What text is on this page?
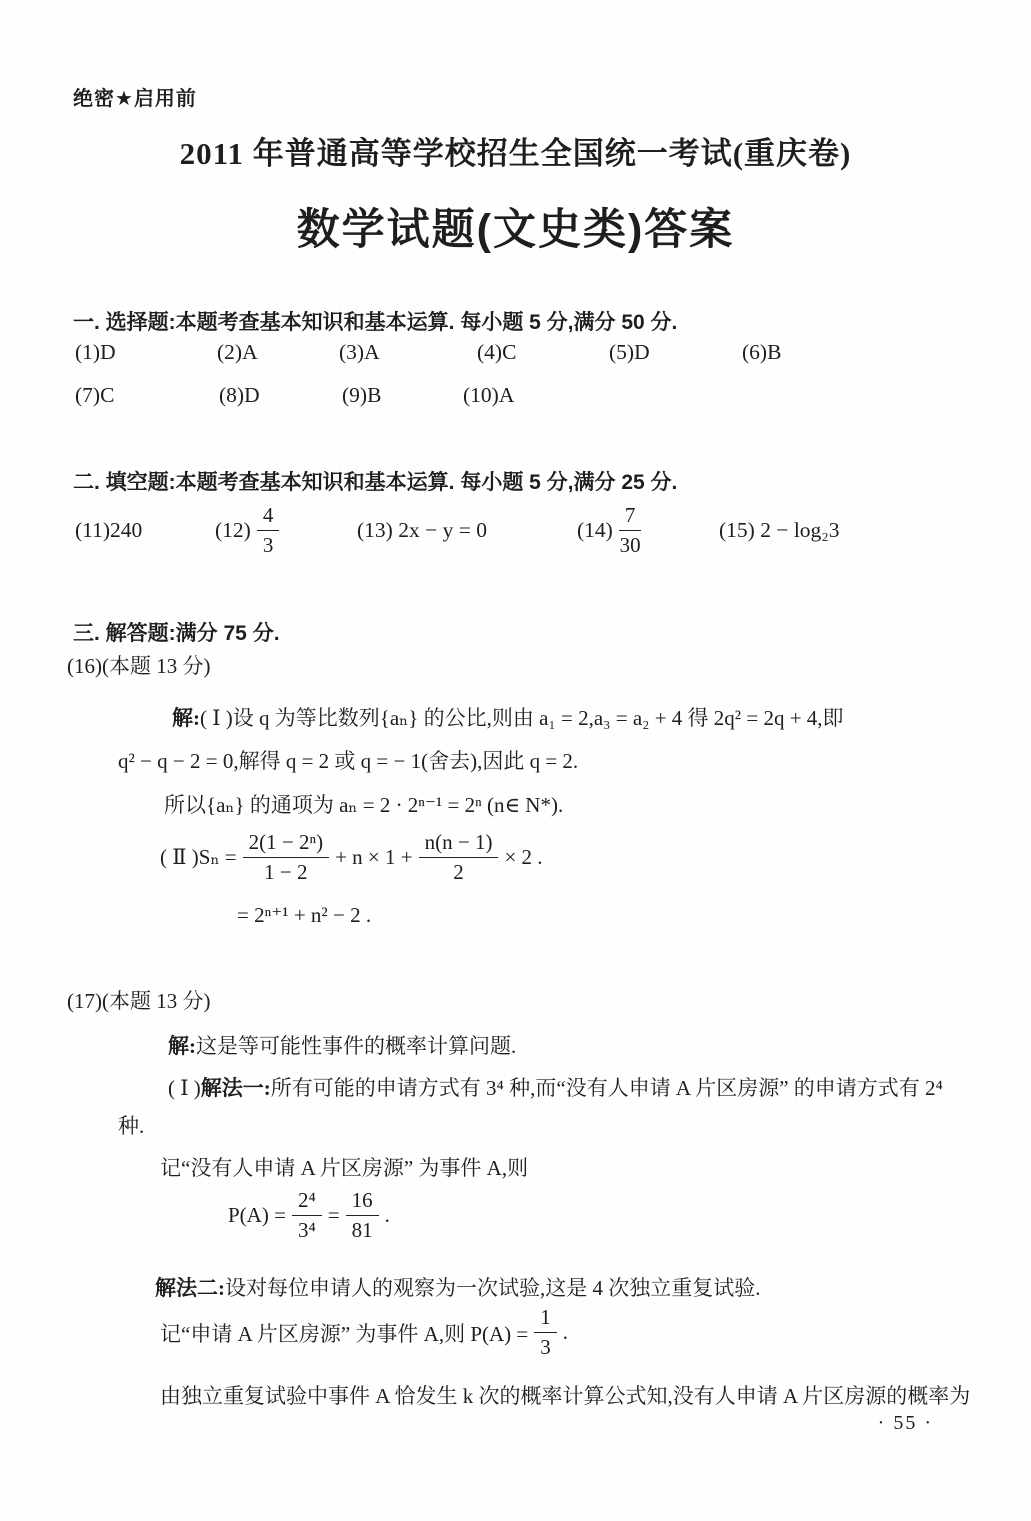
绝密★启用前
2011 年普通高等学校招生全国统一考试(重庆卷)
数学试题(文史类)答案
一. 选择题:本题考查基本知识和基本运算. 每小题 5 分,满分 50 分.
(1)D	(2)A	(3)A	(4)C	(5)D	(6)B
(7)C	(8)D	(9)B	(10)A
二. 填空题:本题考查基本知识和基本运算. 每小题 5 分,满分 25 分.
(11)240	$(12) \frac{4}{3}$	(13) 2x − y = 0	$(14) \frac{7}{30}$	(15) 2 − log₂3
三. 解答题:满分 75 分.
(16)(本题 13 分)
解:( Ⅰ )设 q 为等比数列{aₙ} 的公比,则由 a₁ = 2,a₃ = a₂ + 4 得 2q² = 2q + 4,即
q² − q − 2 = 0,解得 q = 2 或 q = − 1(舍去),因此 q = 2.
所以{aₙ} 的通项为 aₙ = 2 · 2ⁿ⁻¹ = 2ⁿ (n∈ N*).
( Ⅱ )$S_n = \frac{\text{2(1 − 2ⁿ)}}{1 - 2} + n \times 1 + \frac{n(n - 1)}{2} \times 2$ .
= 2ⁿ⁺¹ + n² − 2 .
(17)(本题 13 分)
解:这是等可能性事件的概率计算问题.
( Ⅰ )解法一:所有可能的申请方式有 3⁴ 种,而“没有人申请 A 片区房源” 的申请方式有 2⁴
种.
记“没有人申请 A 片区房源” 为事件 A,则
$P(A) = \frac{\text{2⁴}}{\text{3⁴}} = \frac{16}{81}$ .
解法二:设对每位申请人的观察为一次试验,这是 4 次独立重复试验.
记“申请 A 片区房源” 为事件 A,则 $P(A) = \frac{1}{3}$ .
由独立重复试验中事件 A 恰发生 k 次的概率计算公式知,没有人申请 A 片区房源的概率为
· 55 ·
